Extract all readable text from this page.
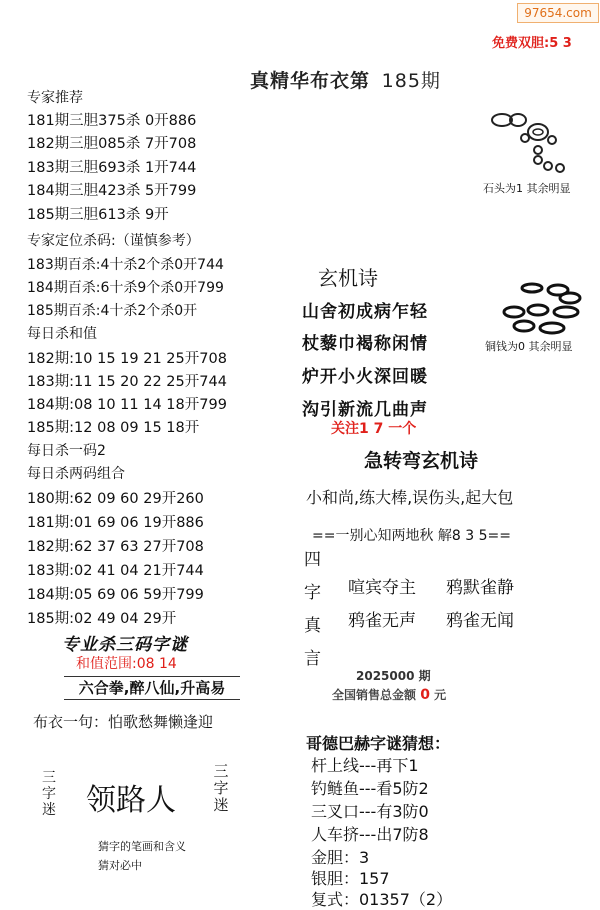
97654.com
免费双胆:5 3
真精华布衣第 185期
专家推荐
181期三胆375杀 0开886
182期三胆085杀 7开708
183期三胆693杀 1开744
184期三胆423杀 5开799
185期三胆613杀 9开
专家定位杀码:（谨慎参考）
183期百杀:4十杀2个杀0开744
184期百杀:6十杀9个杀0开799
185期百杀:4十杀2个杀0开
每日杀和值
182期:10 15 19 21 25开708
183期:11 15 20 22 25开744
184期:08 10 11 14 18开799
185期:12 08 09 15 18开
每日杀一码2
每日杀两码组合
180期:62 09 60 29开260
181期:01 69 06 19开886
182期:62 37 63 27开708
183期:02 41 04 21开744
184期:05 69 06 59开799
185期:02 49 04 29开
专业杀三码字谜
和值范围:08 14
六合拳,醉八仙,升高易
布衣一句：怕歌愁舞懒逢迎
三字迷 领路人
三字迷
猜字的笔画和含义
猜对必中
石头为1 其余明显
铜钱为0 其余明显
玄机诗
山舍初成病乍轻
杖藜巾褐称闲情
炉开小火深回暖
沟引新流几曲声
关注1 7 一个
急转弯玄机诗
小和尚,练大棒,误伤头,起大包
==一别心知两地秋 解8 3 5==
四
字
真
言
喧宾夺主 鸦默雀静
鸦雀无声 鸦雀无闻
2025000 期
全国销售总金额 0 元
哥德巴赫字谜猜想：
杆上线---再下1
钓鲢鱼---看5防2
三叉口---有3防0
人车挤---出7防8
金胆：3
银胆：157
复式：01357（2）
